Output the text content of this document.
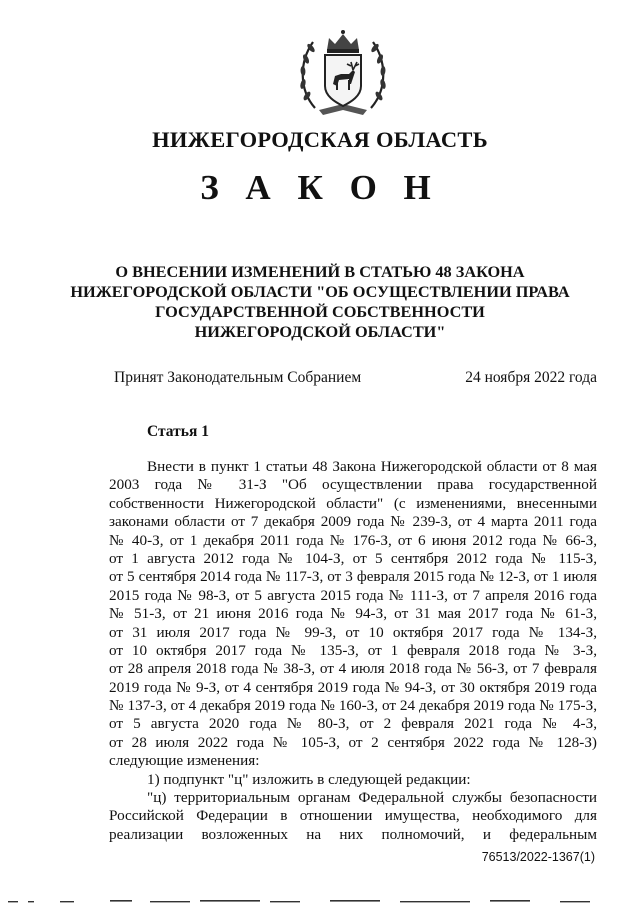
НИЖЕГОРОДСКАЯ ОБЛАСТЬ
З А К О Н
О ВНЕСЕНИИ ИЗМЕНЕНИЙ В СТАТЬЮ 48 ЗАКОНА
НИЖЕГОРОДСКОЙ ОБЛАСТИ "ОБ ОСУЩЕСТВЛЕНИИ ПРАВА
ГОСУДАРСТВЕННОЙ СОБСТВЕННОСТИ
НИЖЕГОРОДСКОЙ ОБЛАСТИ"
Принят Законодательным Собранием	24 ноября 2022 года
Статья 1
Внести в пункт 1 статьи 48 Закона Нижегородской области от 8 мая
2003 года № 31-З "Об осуществлении права государственной
собственности Нижегородской области" (с изменениями, внесенными
законами области от 7 декабря 2009 года № 239-З, от 4 марта 2011 года
№ 40-З, от 1 декабря 2011 года № 176-З, от 6 июня 2012 года № 66-З,
от 1 августа 2012 года № 104-З, от 5 сентября 2012 года № 115-З,
от 5 сентября 2014 года № 117-З, от 3 февраля 2015 года № 12-З, от 1 июля
2015 года № 98-З, от 5 августа 2015 года № 111-З, от 7 апреля 2016 года
№ 51-З, от 21 июня 2016 года № 94-З, от 31 мая 2017 года № 61-З,
от 31 июля 2017 года № 99-З, от 10 октября 2017 года № 134-З,
от 10 октября 2017 года № 135-З, от 1 февраля 2018 года № 3-З,
от 28 апреля 2018 года № 38-З, от 4 июля 2018 года № 56-З, от 7 февраля
2019 года № 9-З, от 4 сентября 2019 года № 94-З, от 30 октября 2019 года
№ 137-З, от 4 декабря 2019 года № 160-З, от 24 декабря 2019 года № 175-З,
от 5 августа 2020 года № 80-З, от 2 февраля 2021 года № 4-З,
от 28 июля 2022 года № 105-З, от 2 сентября 2022 года № 128-З)
следующие изменения:
1) подпункт "ц" изложить в следующей редакции:
"ц) территориальным органам Федеральной службы безопасности
Российской Федерации в отношении имущества, необходимого для
реализации возложенных на них полномочий, и федеральным
76513/2022-1367(1)
